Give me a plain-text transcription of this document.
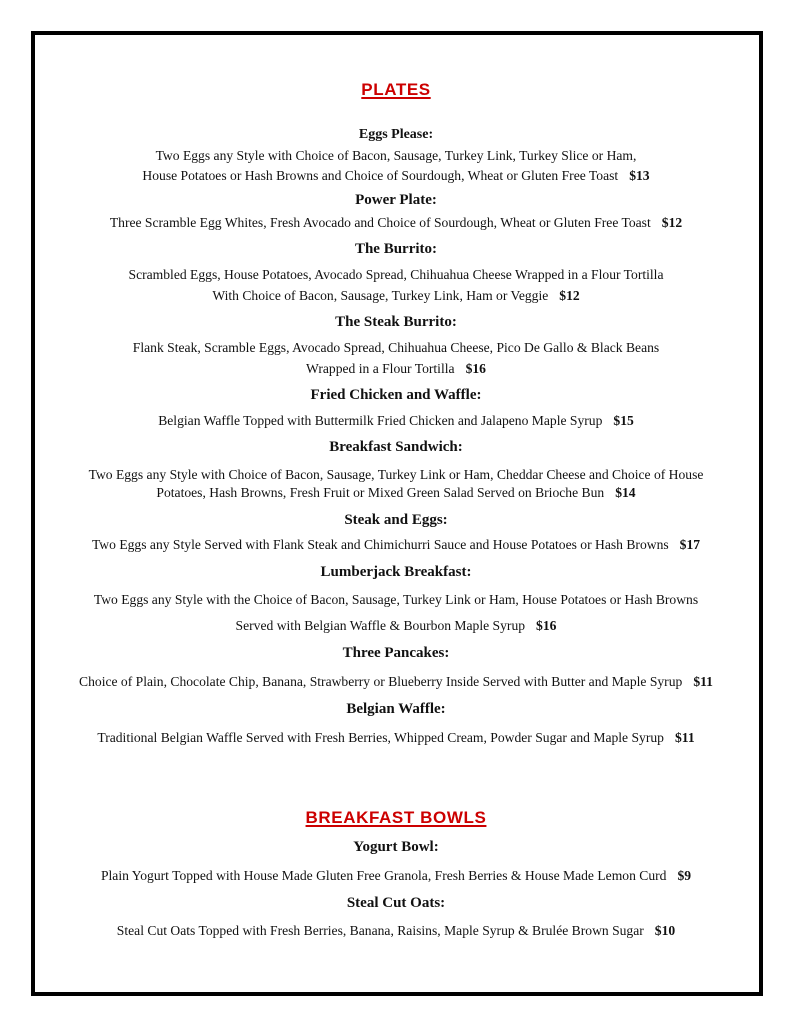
PLATES
Eggs Please:
Two Eggs any Style with Choice of Bacon, Sausage, Turkey Link, Turkey Slice or Ham,
House Potatoes or Hash Browns and Choice of Sourdough, Wheat or Gluten Free Toast $13
Power Plate:
Three Scramble Egg Whites, Fresh Avocado and Choice of Sourdough, Wheat or Gluten Free Toast $12
The Burrito:
Scrambled Eggs, House Potatoes, Avocado Spread, Chihuahua Cheese Wrapped in a Flour Tortilla
With Choice of Bacon, Sausage, Turkey Link, Ham or Veggie $12
The Steak Burrito:
Flank Steak, Scramble Eggs, Avocado Spread, Chihuahua Cheese, Pico De Gallo & Black Beans
Wrapped in a Flour Tortilla $16
Fried Chicken and Waffle:
Belgian Waffle Topped with Buttermilk Fried Chicken and Jalapeno Maple Syrup $15
Breakfast Sandwich:
Two Eggs any Style with Choice of Bacon, Sausage, Turkey Link or Ham, Cheddar Cheese and Choice of House
Potatoes, Hash Browns, Fresh Fruit or Mixed Green Salad Served on Brioche Bun $14
Steak and Eggs:
Two Eggs any Style Served with Flank Steak and Chimichurri Sauce and House Potatoes or Hash Browns $17
Lumberjack Breakfast:
Two Eggs any Style with the Choice of Bacon, Sausage, Turkey Link or Ham, House Potatoes or Hash Browns
Served with Belgian Waffle & Bourbon Maple Syrup $16
Three Pancakes:
Choice of Plain, Chocolate Chip, Banana, Strawberry or Blueberry Inside Served with Butter and Maple Syrup $11
Belgian Waffle:
Traditional Belgian Waffle Served with Fresh Berries, Whipped Cream, Powder Sugar and Maple Syrup $11
BREAKFAST BOWLS
Yogurt Bowl:
Plain Yogurt Topped with House Made Gluten Free Granola, Fresh Berries & House Made Lemon Curd $9
Steal Cut Oats:
Steal Cut Oats Topped with Fresh Berries, Banana, Raisins, Maple Syrup & Brulée Brown Sugar $10
